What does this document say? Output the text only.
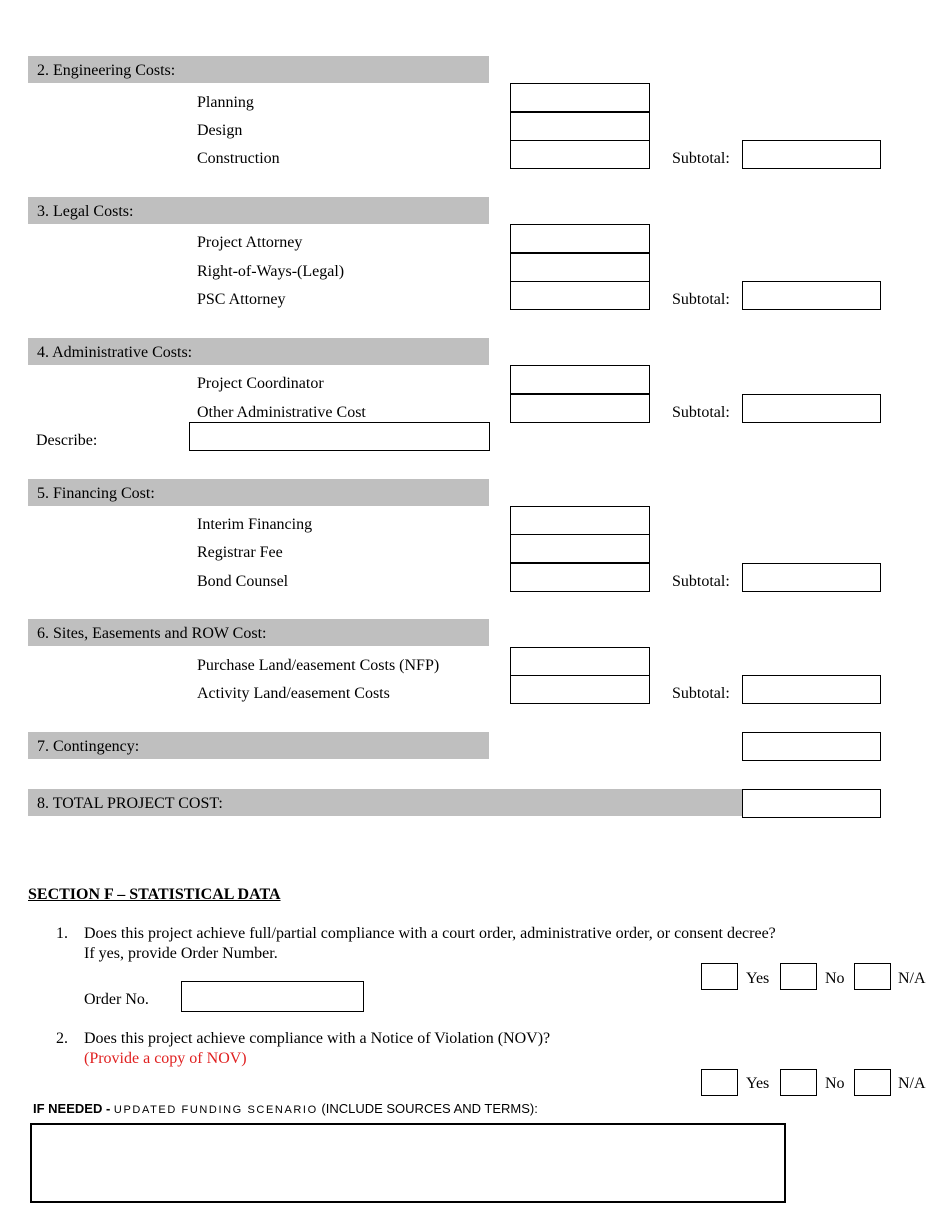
2. Engineering Costs:
Planning
Design
Construction	Subtotal:
3. Legal Costs:
Project Attorney
Right-of-Ways-(Legal)
PSC Attorney	Subtotal:
4. Administrative Costs:
Project Coordinator
Other Administrative Cost	Subtotal:
Describe:
5. Financing Cost:
Interim Financing
Registrar Fee
Bond Counsel	Subtotal:
6. Sites, Easements and ROW Cost:
Purchase Land/easement Costs (NFP)
Activity Land/easement Costs	Subtotal:
7. Contingency:
8. TOTAL PROJECT COST:
SECTION F – STATISTICAL DATA
1. Does this project achieve full/partial compliance with a court order, administrative order, or consent decree?
If yes, provide Order Number.
Yes	No	N/A
Order No.
2. Does this project achieve compliance with a Notice of Violation (NOV)?
(Provide a copy of NOV)
Yes	No	N/A
IF NEEDED - UPDATED FUNDING SCENARIO (INCLUDE SOURCES AND TERMS):
